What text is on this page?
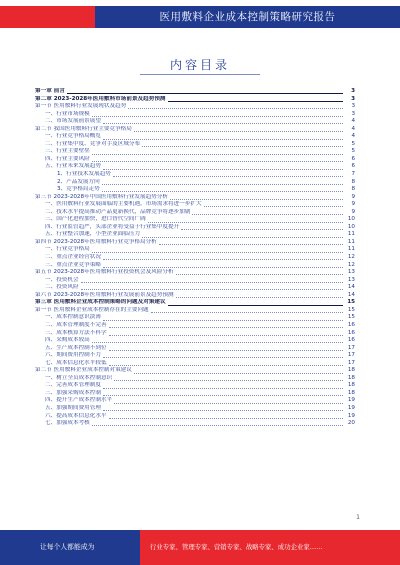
医用敷料企业成本控制策略研究报告
内容目录
第一章 前言	3
第二章 2023-2028年医用敷料市场前景及趋势预测	3
第一节 医用敷料行业发展现状及趋势	3
一、行业市场规模	3
二、市场发展前景展望	4
第二节 我国医用敷料行业主要竞争格局	4
一、行业竞争格局概览	4
二、行业集中度、竞争对手及区域分布	5
三、行业主要壁垒	5
四、行业主要风险	6
五、行业未来发展趋势	6
1、行业技术发展趋势	7
2、产品发展方向	8
3、竞争格局走势	8
第三节 2023-2028年中国医用敷料行业发展趋势分析	9
一、医用敷料行业发展面临的主要机遇，市场需求将进一步扩大	9
二、技术水平提高推动产品更新换代，品牌竞争将逐步加剧	9
三、国产化进程加快，进口替代空间广阔	10
四、行业监管趋严，头部企业将受益于行业集中度提升	10
五、行业整合加速，小型企业面临压力	11
第四节 2023-2028年医用敷料行业竞争格局分析	11
一、行业竞争格局	11
二、重点企业经营状况	12
三、重点企业竞争策略	12
第五节 2023-2028年医用敷料行业投资机会及风险分析	13
一、投资机会	13
二、投资风险	14
第六节 2023-2028年医用敷料行业发展前景及趋势预测	14
第三章 医用敷料企业成本控制策略的问题及对策建议	15
第一节 医用敷料企业成本控制存在的主要问题	15
一、成本控制意识淡薄	15
二、成本管理制度不完善	16
三、成本核算方法不科学	16
四、采购成本较高	16
五、生产成本控制不到位	17
六、期间费用控制不力	17
七、成本信息化水平较低	17
第二节 医用敷料企业成本控制对策建议	18
一、树立全员成本控制意识	18
二、完善成本管理制度	18
三、加强采购成本控制	18
四、提升生产成本控制水平	19
五、加强期间费用管理	19
六、提高成本信息化水平	19
七、加强成本考核	20
1
让每个人都能成为	行业专家、管理专家、营销专家、战略专家、成功企业家……
